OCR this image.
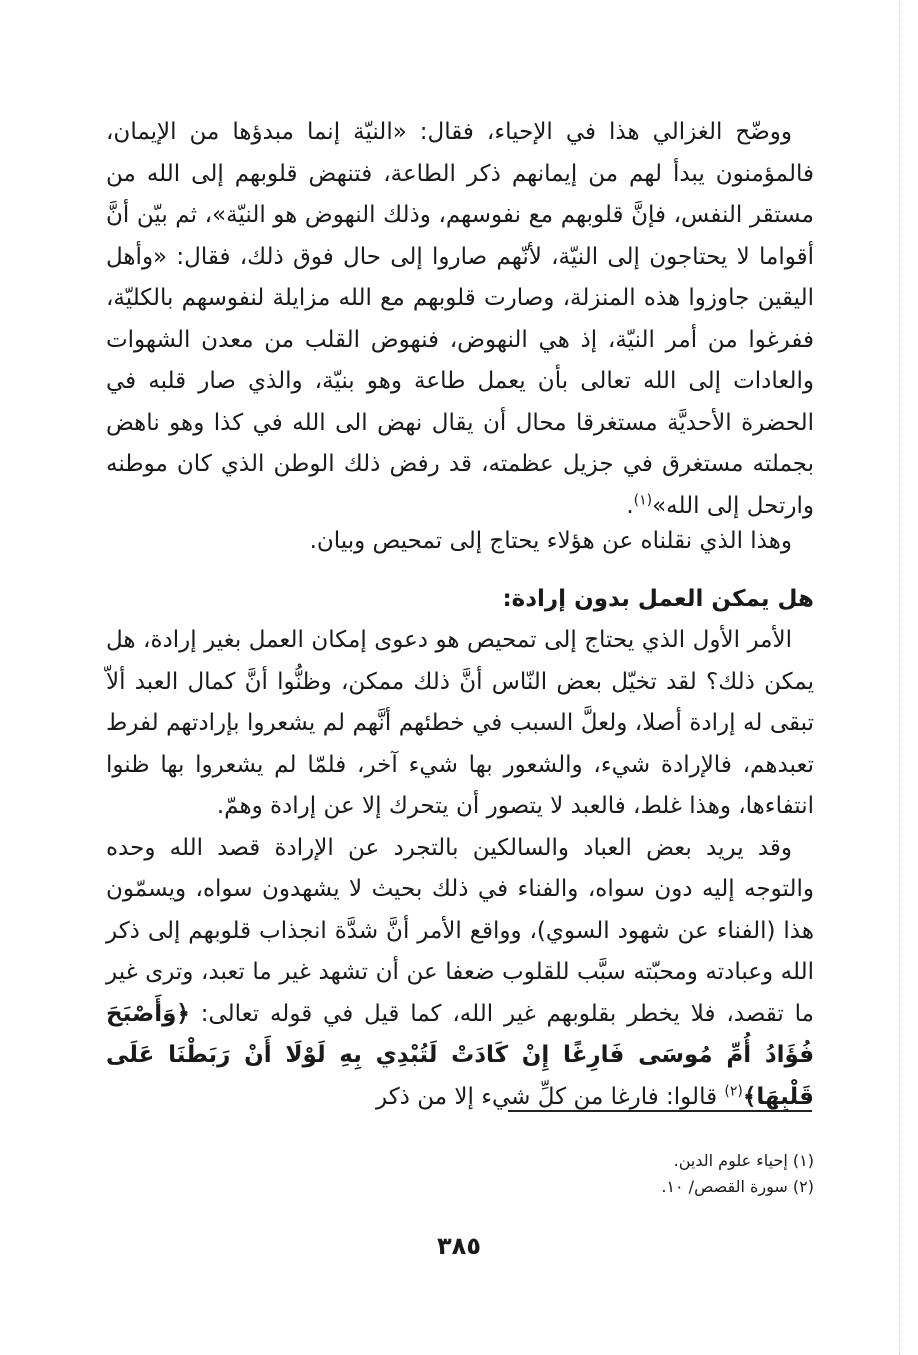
ووضّح الغزالي هذا في الإحياء، فقال: «النيّة إنما مبدؤها من الإيمان، فالمؤمنون يبدأ لهم من إيمانهم ذكر الطاعة، فتنهض قلوبهم إلى الله من مستقر النفس، فإنَّ قلوبهم مع نفوسهم، وذلك النهوض هو النيّة»، ثم بيّن أنَّ أقواما لا يحتاجون إلى النيّة، لأنّهم صاروا إلى حال فوق ذلك، فقال: «وأهل اليقين جاوزوا هذه المنزلة، وصارت قلوبهم مع الله مزايلة لنفوسهم بالكليّة، ففرغوا من أمر النيّة، إذ هي النهوض، فنهوض القلب من معدن الشهوات والعادات إلى الله تعالى بأن يعمل طاعة وهو بنيّة، والذي صار قلبه في الحضرة الأحديَّة مستغرقا محال أن يقال نهض الى الله في كذا وهو ناهض بجملته مستغرق في جزيل عظمته، قد رفض ذلك الوطن الذي كان موطنه وارتحل إلى الله»$^{(١)}$.

وهذا الذي نقلناه عن هؤلاء يحتاج إلى تمحيص وبيان.

هل يمكن العمل بدون إرادة:

الأمر الأول الذي يحتاج إلى تمحيص هو دعوى إمكان العمل بغير إرادة، هل يمكن ذلك؟ لقد تخيّل بعض النّاس أنَّ ذلك ممكن، وظنُّوا أنَّ كمال العبد ألاّ تبقى له إرادة أصلا، ولعلَّ السبب في خطئهم أنَّهم لم يشعروا بإرادتهم لفرط تعبدهم، فالإرادة شيء، والشعور بها شيء آخر، فلمّا لم يشعروا بها ظنوا انتفاءها، وهذا غلط، فالعبد لا يتصور أن يتحرك إلا عن إرادة وهمّ.

وقد يريد بعض العباد والسالكين بالتجرد عن الإرادة قصد الله وحده والتوجه إليه دون سواه، والفناء في ذلك بحيث لا يشهدون سواه، ويسمّون هذا (الفناء عن شهود السوي)، وواقع الأمر أنَّ شدَّة انجذاب قلوبهم إلى ذكر الله وعبادته ومحبّته سبَّب للقلوب ضعفا عن أن تشهد غير ما تعبد، وترى غير ما تقصد، فلا يخطر بقلوبهم غير الله، كما قيل في قوله تعالى: ﴿وَأَصْبَحَ فُؤَادُ أُمِّ مُوسَى فَارِغًا إِنْ كَادَتْ لَتُبْدِي بِهِ لَوْلَا أَنْ رَبَطْنَا عَلَى قَلْبِهَا﴾$^{(٢)}$ قالوا: فارغا من كلِّ شيء إلا من ذكر

(١) إحياء علوم الدين.

(٢) سورة القصص/ ١٠.

٣٨٥
